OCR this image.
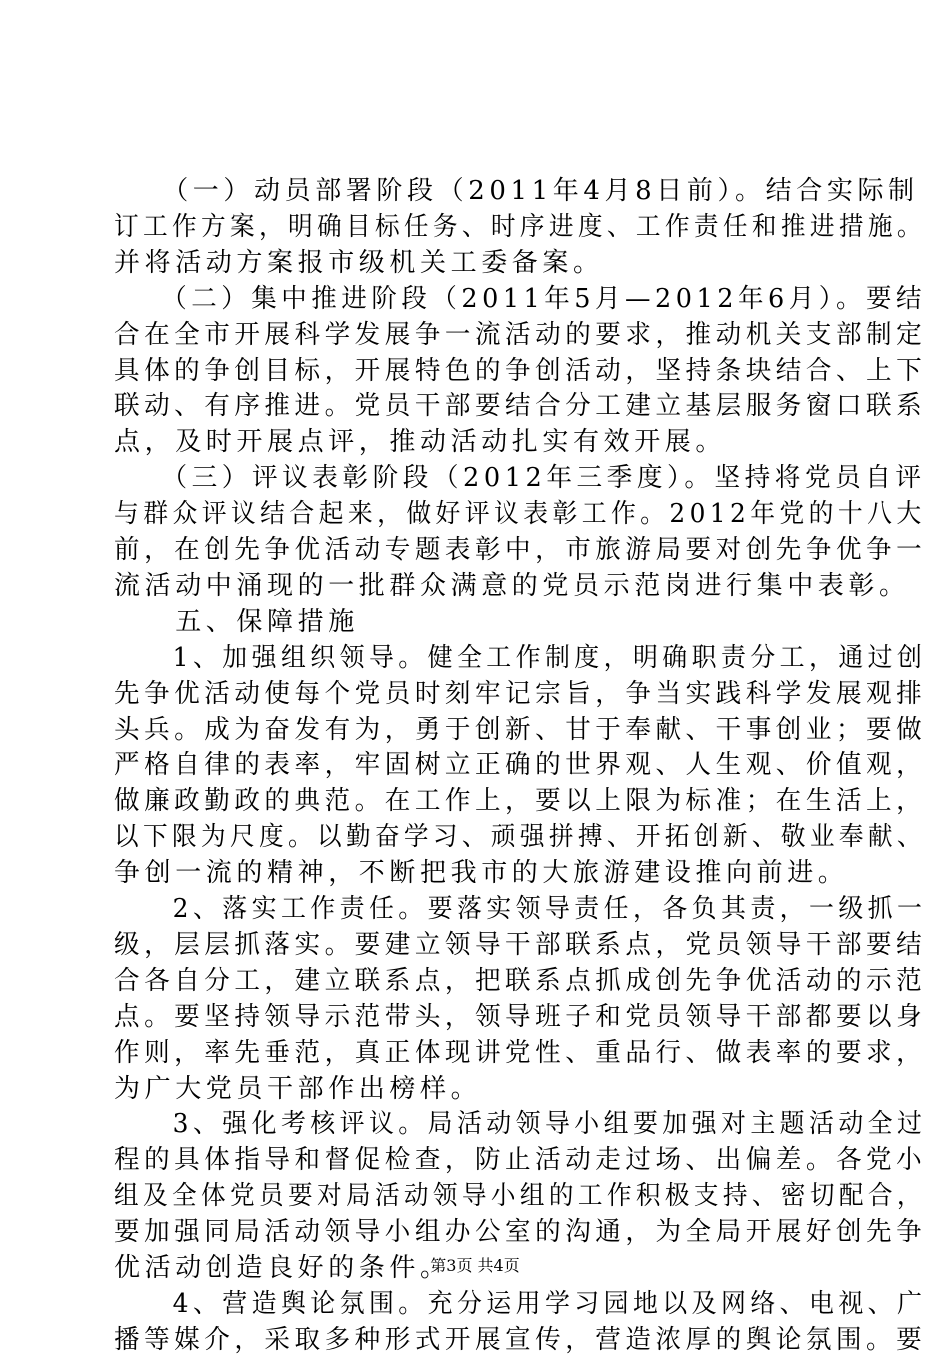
　　（一）动员部署阶段（2011年4月8日前）。结合实际制
订工作方案，明确目标任务、时序进度、工作责任和推进措施。
并将活动方案报市级机关工委备案。
　　（二）集中推进阶段（2011年5月—2012年6月）。要结
合在全市开展科学发展争一流活动的要求，推动机关支部制定
具体的争创目标，开展特色的争创活动，坚持条块结合、上下
联动、有序推进。党员干部要结合分工建立基层服务窗口联系
点，及时开展点评，推动活动扎实有效开展。
　　（三）评议表彰阶段（2012年三季度）。坚持将党员自评
与群众评议结合起来，做好评议表彰工作。2012年党的十八大
前，在创先争优活动专题表彰中，市旅游局要对创先争优争一
流活动中涌现的一批群众满意的党员示范岗进行集中表彰。
　　五、保障措施
　　1、加强组织领导。健全工作制度，明确职责分工，通过创
先争优活动使每个党员时刻牢记宗旨，争当实践科学发展观排
头兵。成为奋发有为，勇于创新、甘于奉献、干事创业；要做
严格自律的表率，牢固树立正确的世界观、人生观、价值观，
做廉政勤政的典范。在工作上，要以上限为标准；在生活上，
以下限为尺度。以勤奋学习、顽强拼搏、开拓创新、敬业奉献、
争创一流的精神，不断把我市的大旅游建设推向前进。
　　2、落实工作责任。要落实领导责任，各负其责，一级抓一
级，层层抓落实。要建立领导干部联系点，党员领导干部要结
合各自分工，建立联系点，把联系点抓成创先争优活动的示范
点。要坚持领导示范带头，领导班子和党员领导干部都要以身
作则，率先垂范，真正体现讲党性、重品行、做表率的要求，
为广大党员干部作出榜样。
　　3、强化考核评议。局活动领导小组要加强对主题活动全过
程的具体指导和督促检查，防止活动走过场、出偏差。各党小
组及全体党员要对局活动领导小组的工作积极支持、密切配合，
要加强同局活动领导小组办公室的沟通，为全局开展好创先争
优活动创造良好的条件。
　　4、营造舆论氛围。充分运用学习园地以及网络、电视、广
播等媒介，采取多种形式开展宣传，营造浓厚的舆论氛围。要
第3页 共4页
